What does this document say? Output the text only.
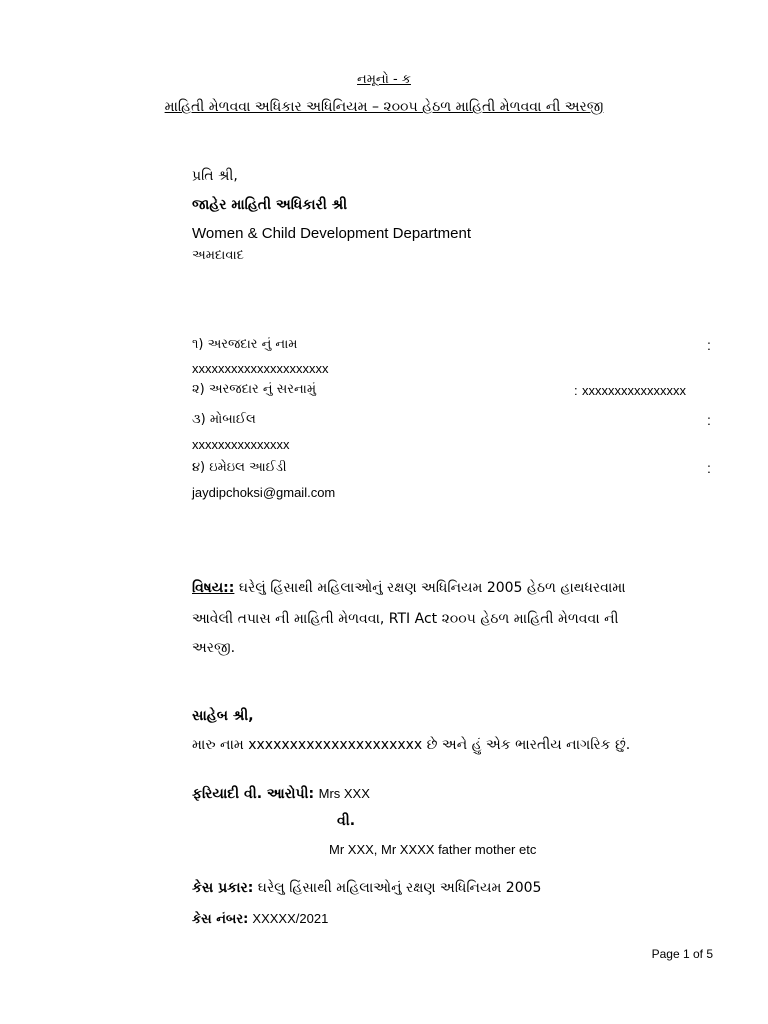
નમૂનો - ક
માહિતી મેળવવા અધિકાર અધિનિયમ – ૨૦૦૫ હેઠળ માહિતી મેળવવા ની અરજી
પ્રતિ શ્રી,
જાહેર માહિતી અધિકારી શ્રી
Women & Child Development Department
અમદાવાદ
૧) અરજદાર નું નામ	:
xxxxxxxxxxxxxxxxxxxxx
૨) અરજદાર નું સરનામું	: xxxxxxxxxxxxxxxx
૩) મોબાઈલ	:
xxxxxxxxxxxxxxx
૪) ઇમેઇલ આઈડી	:
jaydipchoksi@gmail.com
વિષય:: ઘરેલું હિંસાથી મહિલાઓનું રક્ષણ અધિનિયમ 2005 હેઠળ હાથધરવામા
આવેલી તપાસ ની માહિતી મેળવવા, RTI Act ૨૦૦૫ હેઠળ માહિતી મેળવવા ની
અરજી.
સાહેબ શ્રી,
મારુ નામ xxxxxxxxxxxxxxxxxxxxx છે અને હું એક ભારતીય નાગરિક છું.
ફરિયાદી વી. આરોપી: Mrs XXX
વી.
Mr XXX, Mr XXXX father mother etc
કેસ પ્રકાર: ઘરેલુ હિંસાથી મહિલાઓનું રક્ષણ અધિનિયમ 2005
કેસ નંબર: XXXXX/2021
Page 1 of 5
